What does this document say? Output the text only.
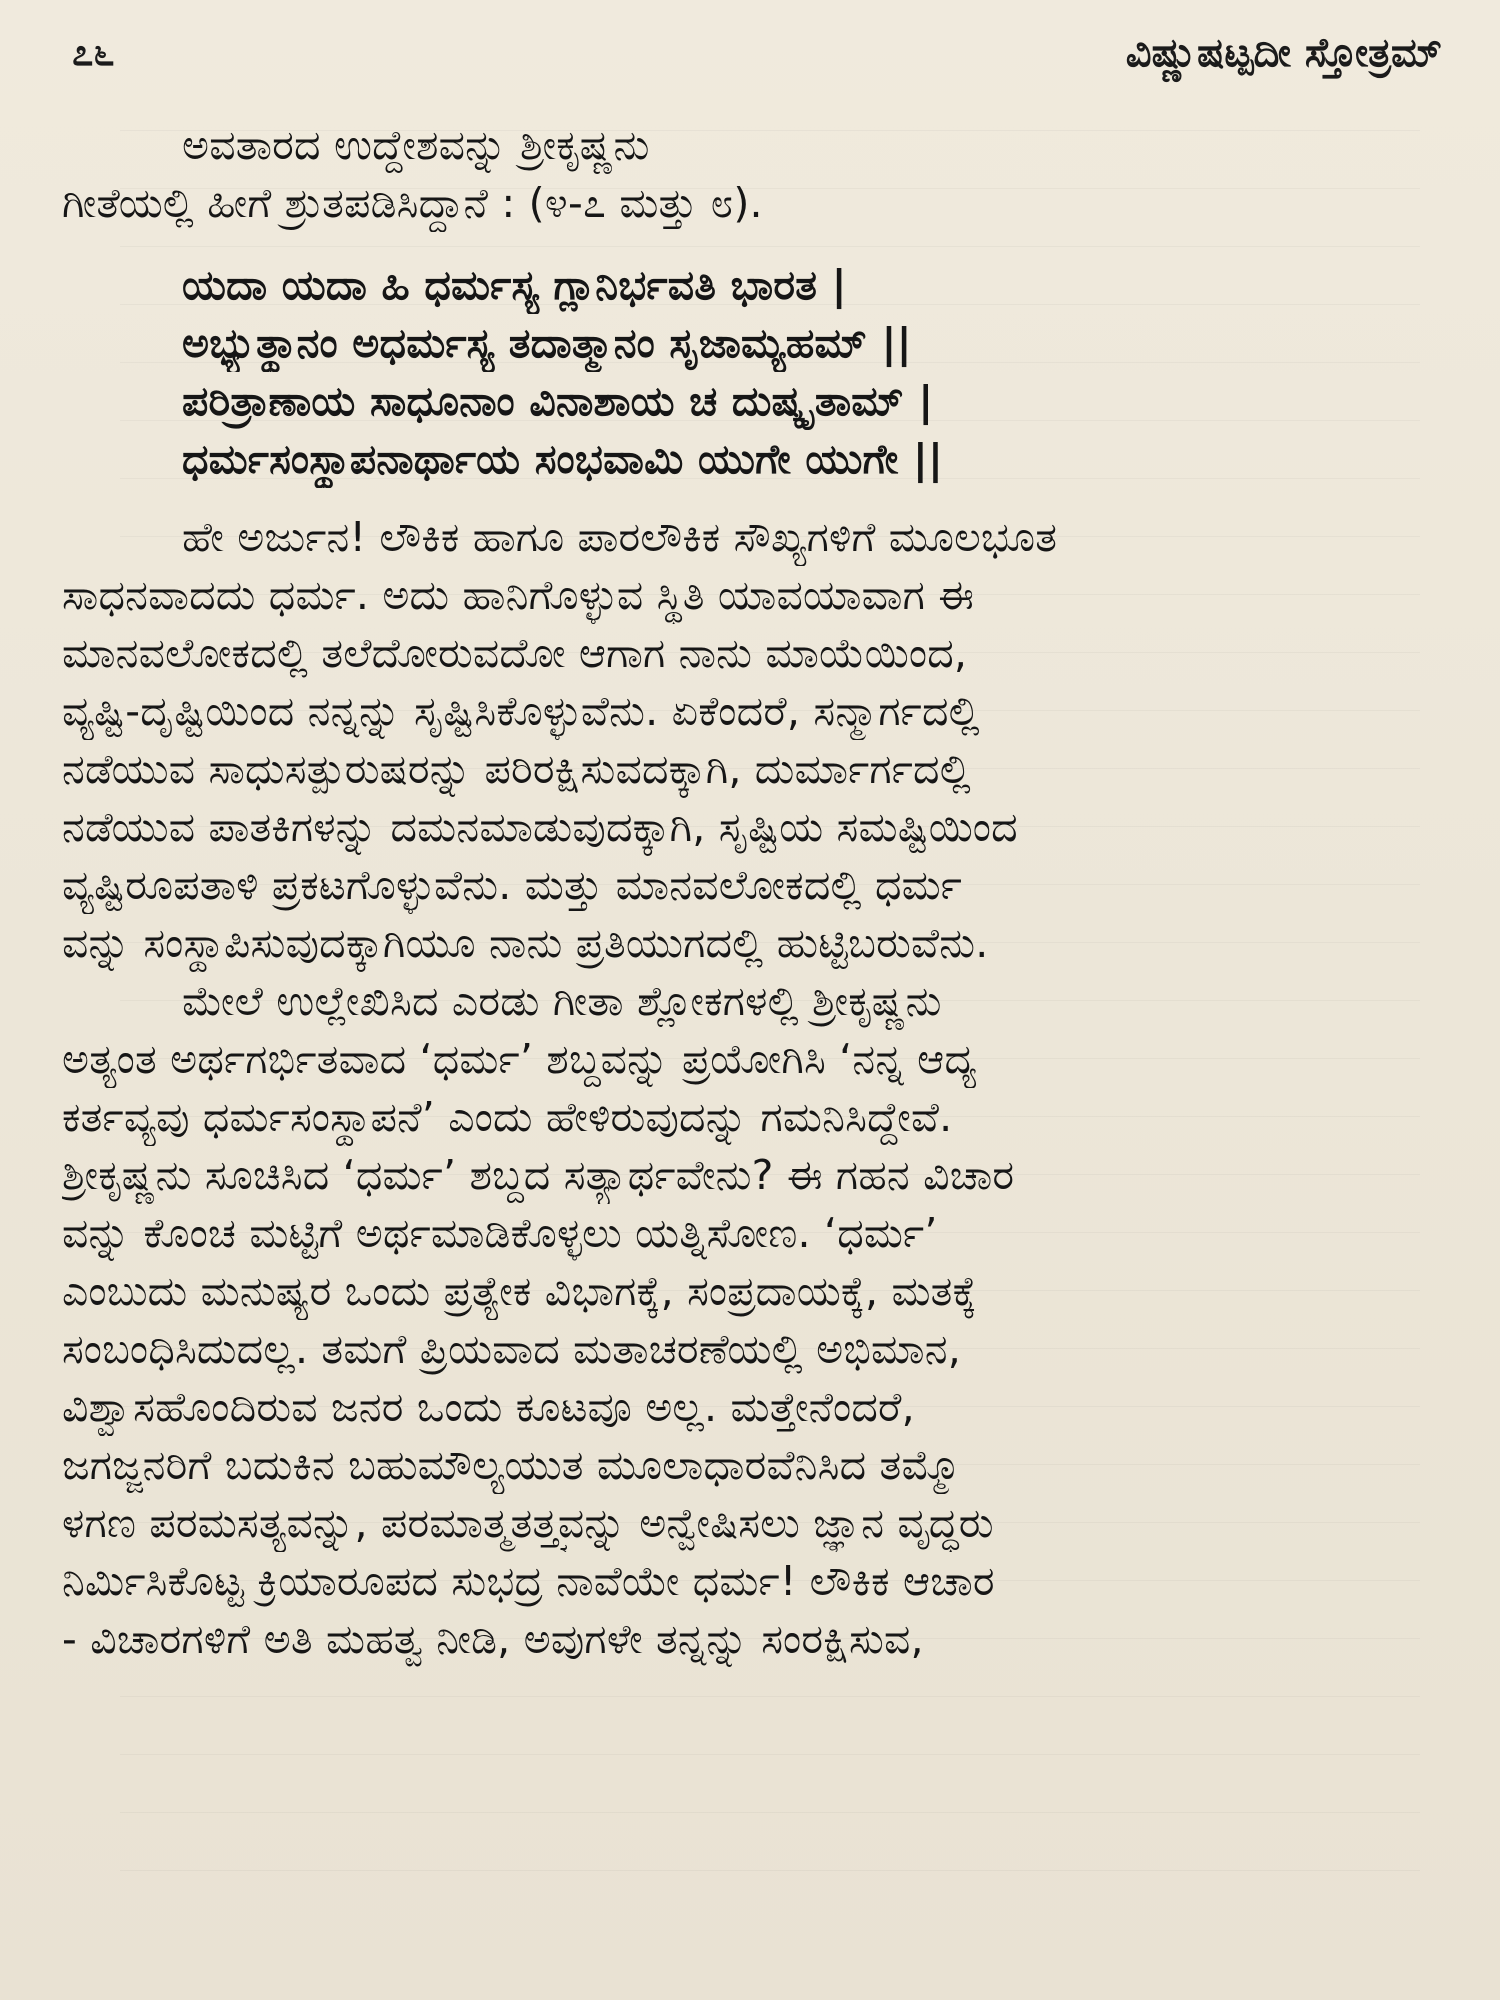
೭೬	ವಿಷ್ಣುಷಟ್ಪದೀ ಸ್ತೋತ್ರಮ್
ಅವತಾರದ ಉದ್ದೇಶವನ್ನು ಶ್ರೀಕೃಷ್ಣನು
ಗೀತೆಯಲ್ಲಿ ಹೀಗೆ ಶ್ರುತಪಡಿಸಿದ್ದಾನೆ : (೪-೭ ಮತ್ತು ೮).
ಯದಾ ಯದಾ ಹಿ ಧರ್ಮಸ್ಯ ಗ್ಲಾನಿರ್ಭವತಿ ಭಾರತ |
ಅಭ್ಯುತ್ಥಾನಂ ಅಧರ್ಮಸ್ಯ ತದಾತ್ಮಾನಂ ಸೃಜಾಮ್ಯಹಮ್ ||
ಪರಿತ್ರಾಣಾಯ ಸಾಧೂನಾಂ ವಿನಾಶಾಯ ಚ ದುಷ್ಕೃತಾಮ್ |
ಧರ್ಮಸಂಸ್ಥಾಪನಾರ್ಥಾಯ ಸಂಭವಾಮಿ ಯುಗೇ ಯುಗೇ ||
ಹೇ ಅರ್ಜುನ! ಲೌಕಿಕ ಹಾಗೂ ಪಾರಲೌಕಿಕ ಸೌಖ್ಯಗಳಿಗೆ ಮೂಲಭೂತ
ಸಾಧನವಾದದು ಧರ್ಮ. ಅದು ಹಾನಿಗೊಳ್ಳುವ ಸ್ಥಿತಿ ಯಾವಯಾವಾಗ ಈ
ಮಾನವಲೋಕದಲ್ಲಿ ತಲೆದೋರುವದೋ ಆಗಾಗ ನಾನು ಮಾಯೆಯಿಂದ,
ವ್ಯಷ್ಟಿ-ದೃಷ್ಟಿಯಿಂದ ನನ್ನನ್ನು ಸೃಷ್ಟಿಸಿಕೊಳ್ಳುವೆನು. ಏಕೆಂದರೆ, ಸನ್ಮಾರ್ಗದಲ್ಲಿ
ನಡೆಯುವ ಸಾಧುಸತ್ಪುರುಷರನ್ನು ಪರಿರಕ್ಷಿಸುವದಕ್ಕಾಗಿ, ದುರ್ಮಾರ್ಗದಲ್ಲಿ
ನಡೆಯುವ ಪಾತಕಿಗಳನ್ನು ದಮನಮಾಡುವುದಕ್ಕಾಗಿ, ಸೃಷ್ಟಿಯ ಸಮಷ್ಟಿಯಿಂದ
ವ್ಯಷ್ಟಿರೂಪತಾಳಿ ಪ್ರಕಟಗೊಳ್ಳುವೆನು. ಮತ್ತು ಮಾನವಲೋಕದಲ್ಲಿ ಧರ್ಮ
ವನ್ನು ಸಂಸ್ಥಾಪಿಸುವುದಕ್ಕಾಗಿಯೂ ನಾನು ಪ್ರತಿಯುಗದಲ್ಲಿ ಹುಟ್ಟಿಬರುವೆನು.
ಮೇಲೆ ಉಲ್ಲೇಖಿಸಿದ ಎರಡು ಗೀತಾ ಶ್ಲೋಕಗಳಲ್ಲಿ ಶ್ರೀಕೃಷ್ಣನು
ಅತ್ಯಂತ ಅರ್ಥಗರ್ಭಿತವಾದ ‘ಧರ್ಮ’ ಶಬ್ದವನ್ನು ಪ್ರಯೋಗಿಸಿ ‘ನನ್ನ ಆದ್ಯ
ಕರ್ತವ್ಯವು ಧರ್ಮಸಂಸ್ಥಾಪನೆ’ ಎಂದು ಹೇಳಿರುವುದನ್ನು ಗಮನಿಸಿದ್ದೇವೆ.
ಶ್ರೀಕೃಷ್ಣನು ಸೂಚಿಸಿದ ‘ಧರ್ಮ’ ಶಬ್ದದ ಸತ್ಯಾರ್ಥವೇನು? ಈ ಗಹನ ವಿಚಾರ
ವನ್ನು ಕೊಂಚ ಮಟ್ಟಿಗೆ ಅರ್ಥಮಾಡಿಕೊಳ್ಳಲು ಯತ್ನಿಸೋಣ. ‘ಧರ್ಮ’
ಎಂಬುದು ಮನುಷ್ಯರ ಒಂದು ಪ್ರತ್ಯೇಕ ವಿಭಾಗಕ್ಕೆ, ಸಂಪ್ರದಾಯಕ್ಕೆ, ಮತಕ್ಕೆ
ಸಂಬಂಧಿಸಿದುದಲ್ಲ. ತಮಗೆ ಪ್ರಿಯವಾದ ಮತಾಚರಣೆಯಲ್ಲಿ ಅಭಿಮಾನ,
ವಿಶ್ವಾಸಹೊಂದಿರುವ ಜನರ ಒಂದು ಕೂಟವೂ ಅಲ್ಲ. ಮತ್ತೇನೆಂದರೆ,
ಜಗಜ್ಜನರಿಗೆ ಬದುಕಿನ ಬಹುಮೌಲ್ಯಯುತ ಮೂಲಾಧಾರವೆನಿಸಿದ ತಮ್ಮೊ
ಳಗಣ ಪರಮಸತ್ಯವನ್ನು, ಪರಮಾತ್ಮತತ್ತ್ವವನ್ನು ಅನ್ವೇಷಿಸಲು ಜ್ಞಾನ ವೃದ್ಧರು
ನಿರ್ಮಿಸಿಕೊಟ್ಟ ಕ್ರಿಯಾರೂಪದ ಸುಭದ್ರ ನಾವೆಯೇ ಧರ್ಮ! ಲೌಕಿಕ ಆಚಾರ
- ವಿಚಾರಗಳಿಗೆ ಅತಿ ಮಹತ್ವ ನೀಡಿ, ಅವುಗಳೇ ತನ್ನನ್ನು ಸಂರಕ್ಷಿಸುವ,
